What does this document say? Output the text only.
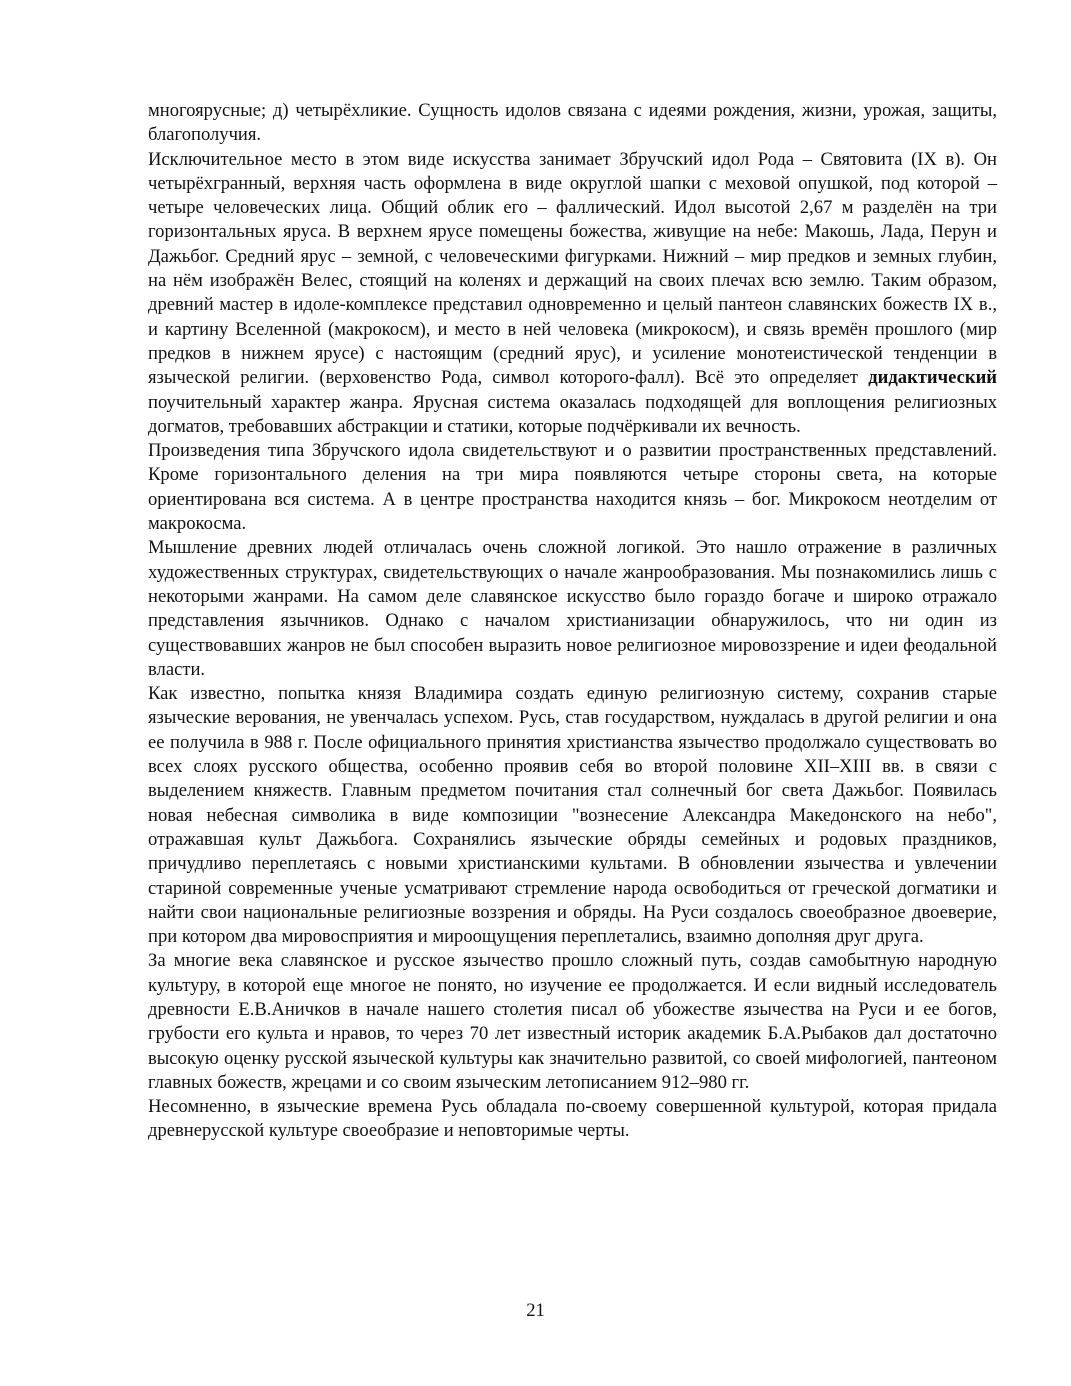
многоярусные; д) четырёхликие. Сущность идолов связана с идеями рождения, жизни, урожая, защиты, благополучия.

Исключительное место в этом виде искусства занимает Збручский идол Рода – Святовита (IX в). Он четырёхгранный, верхняя часть оформлена в виде округлой шапки с меховой опушкой, под которой – четыре человеческих лица. Общий облик его – фаллический. Идол высотой 2,67 м разделён на три горизонтальных яруса. В верхнем ярусе помещены божества, живущие на небе: Макошь, Лада, Перун и Дажьбог. Средний ярус – земной, с человеческими фигурками. Нижний – мир предков и земных глубин, на нём изображён Велес, стоящий на коленях и держащий на своих плечах всю землю. Таким образом, древний мастер в идоле-комплексе представил одновременно и целый пантеон славянских божеств IX в., и картину Вселенной (макрокосм), и место в ней человека (микрокосм), и связь времён прошлого (мир предков в нижнем ярусе) с настоящим (средний ярус), и усиление монотеистической тенденции в языческой религии. (верховенство Рода, символ которого-фалл). Всё это определяет дидактический поучительный характер жанра. Ярусная система оказалась подходящей для воплощения религиозных догматов, требовавших абстракции и статики, которые подчёркивали их вечность.

Произведения типа Збручского идола свидетельствуют и о развитии пространственных представлений. Кроме горизонтального деления на три мира появляются четыре стороны света, на которые ориентирована вся система. А в центре пространства находится князь – бог. Микрокосм неотделим от макрокосма.

Мышление древних людей отличалась очень сложной логикой. Это нашло отражение в различных художественных структурах, свидетельствующих о начале жанрообразования. Мы познакомились лишь с некоторыми жанрами. На самом деле славянское искусство было гораздо богаче и широко отражало представления язычников. Однако с началом христианизации обнаружилось, что ни один из существовавших жанров не был способен выразить новое религиозное мировоззрение и идеи феодальной власти.

Как известно, попытка князя Владимира создать единую религиозную систему, сохранив старые языческие верования, не увенчалась успехом. Русь, став государством, нуждалась в другой религии и она ее получила в 988 г. После официального принятия христианства язычество продолжало существовать во всех слоях русского общества, особенно проявив себя во второй половине XII–XIII вв. в связи с выделением княжеств. Главным предметом почитания стал солнечный бог света Дажьбог. Появилась новая небесная символика в виде композиции "вознесение Александра Македонского на небо", отражавшая культ Дажьбога. Сохранялись языческие обряды семейных и родовых праздников, причудливо переплетаясь с новыми христианскими культами. В обновлении язычества и увлечении стариной современные ученые усматривают стремление народа освободиться от греческой догматики и найти свои национальные религиозные воззрения и обряды. На Руси создалось своеобразное двоеверие, при котором два мировосприятия и мироощущения переплетались, взаимно дополняя друг друга.

За многие века славянское и русское язычество прошло сложный путь, создав самобытную народную культуру, в которой еще многое не понято, но изучение ее продолжается. И если видный исследователь древности Е.В.Аничков в начале нашего столетия писал об убожестве язычества на Руси и ее богов, грубости его культа и нравов, то через 70 лет известный историк академик Б.А.Рыбаков дал достаточно высокую оценку русской языческой культуры как значительно развитой, со своей мифологией, пантеоном главных божеств, жрецами и со своим языческим летописанием 912–980 гг.

Несомненно, в языческие времена Русь обладала по-своему совершенной культурой, которая придала древнерусской культуре своеобразие и неповторимые черты.

21
